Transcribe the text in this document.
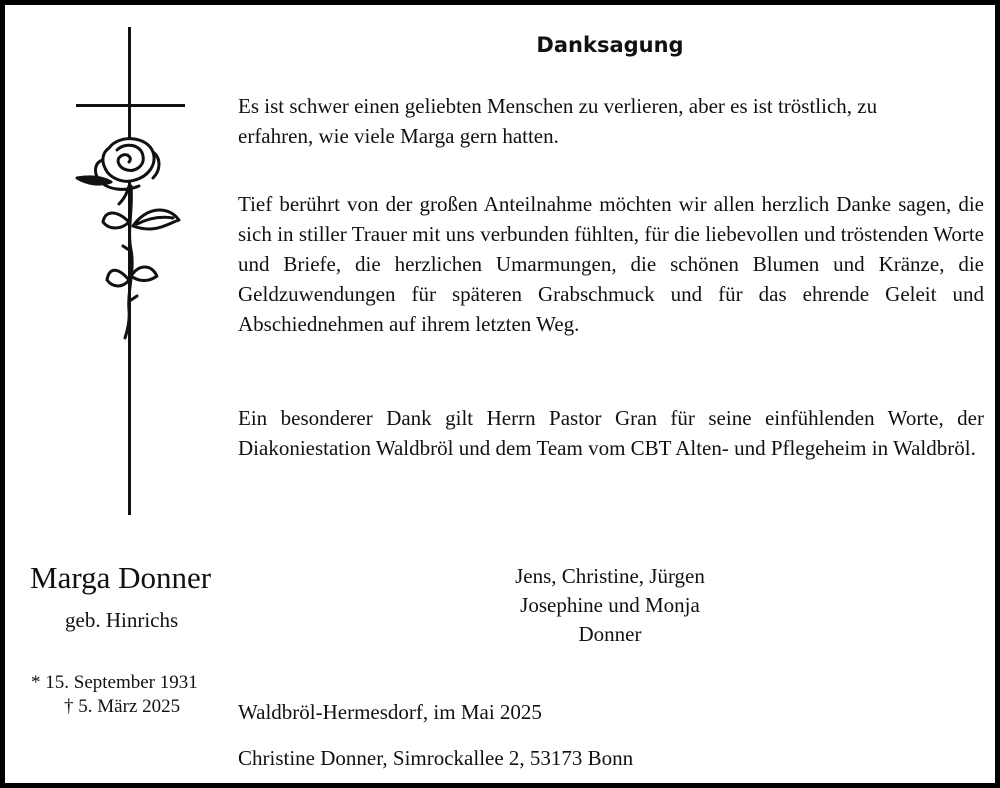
Danksagung

Es ist schwer einen geliebten Menschen zu verlieren, aber es ist tröstlich, zu erfahren, wie viele Marga gern hatten.

Tief berührt von der großen Anteilnahme möchten wir allen herzlich Danke sagen, die sich in stiller Trauer mit uns verbunden fühlten, für die liebevollen und tröstenden Worte und Briefe, die herzlichen Umarmungen, die schönen Blumen und Kränze, die Geldzuwendungen für späteren Grabschmuck und für das ehrende Geleit und Abschiednehmen auf ihrem letzten Weg.

Ein besonderer Dank gilt Herrn Pastor Gran für seine einfühlenden Worte, der Diakoniestation Waldbröl und dem Team vom CBT Alten- und Pflegeheim in Waldbröl.

Marga Donner
geb. Hinrichs
* 15. September 1931
† 5. März 2025
Jens, Christine, Jürgen
Josephine und Monja
Donner
Waldbröl-Hermesdorf, im Mai 2025
Christine Donner, Simrockallee 2, 53173 Bonn
